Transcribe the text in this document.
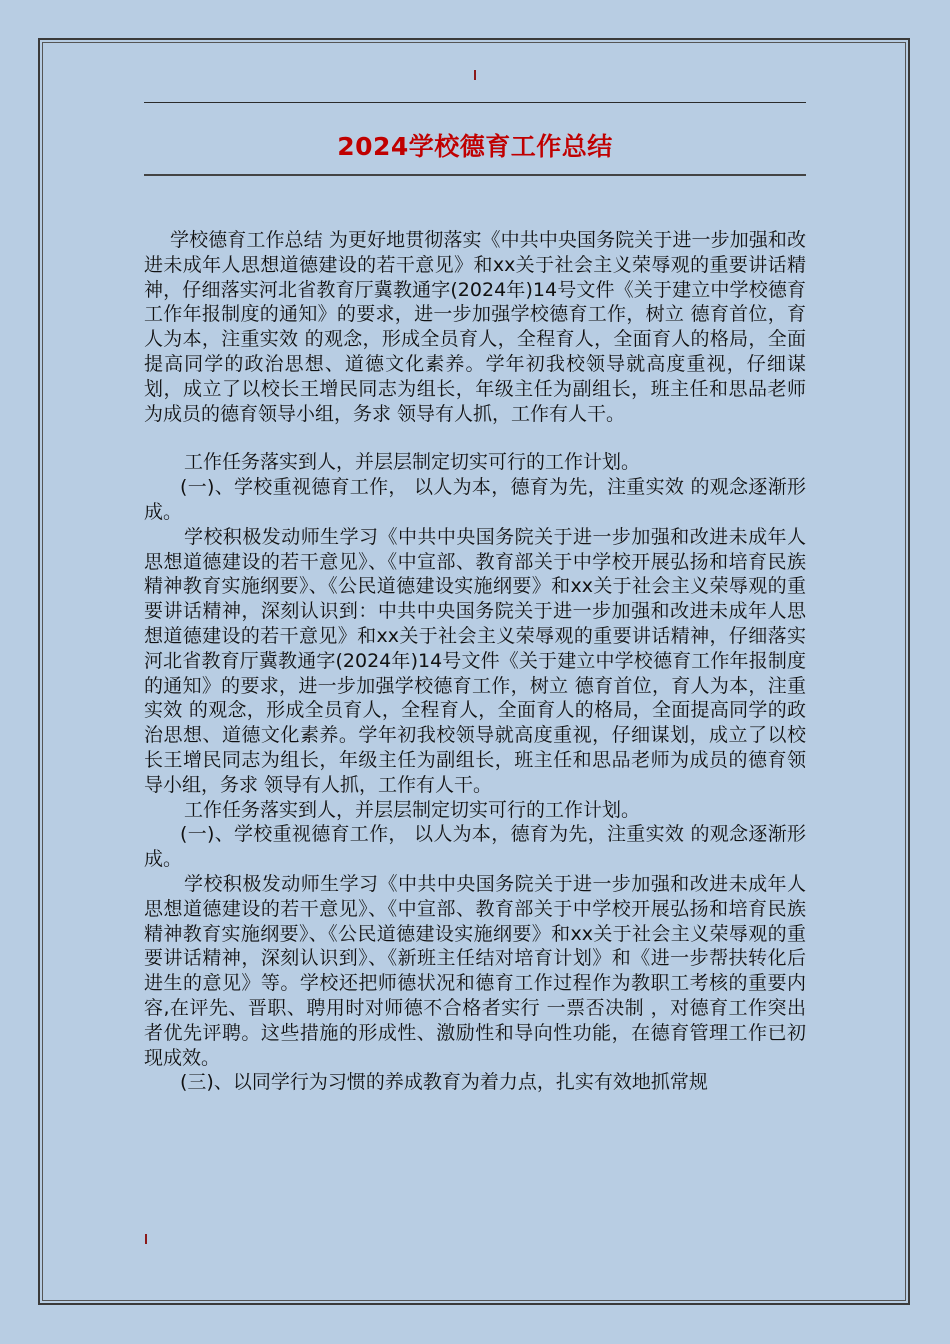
2024学校德育工作总结

学校德育工作总结 为更好地贯彻落实《中共中央国务院关于进一步加强和改进未成年人思想道德建设的若干意见》和xx关于社会主义荣辱观的重要讲话精神，仔细落实河北省教育厅冀教通字(2024年)14号文件《关于建立中学校德育工作年报制度的通知》的要求，进一步加强学校德育工作，树立 德育首位，育人为本，注重实效 的观念，形成全员育人，全程育人，全面育人的格局，全面提高同学的政治思想、道德文化素养。学年初我校领导就高度重视，仔细谋划，成立了以校长王增民同志为组长，年级主任为副组长，班主任和思品老师为成员的德育领导小组，务求 领导有人抓，工作有人干。

工作任务落实到人，并层层制定切实可行的工作计划。

(一)、学校重视德育工作， 以人为本，德育为先，注重实效 的观念逐渐形成。

学校积极发动师生学习《中共中央国务院关于进一步加强和改进未成年人思想道德建设的若干意见》、《中宣部、教育部关于中学校开展弘扬和培育民族精神教育实施纲要》、《公民道德建设实施纲要》和xx关于社会主义荣辱观的重要讲话精神，深刻认识到：中共中央国务院关于进一步加强和改进未成年人思想道德建设的若干意见》和xx关于社会主义荣辱观的重要讲话精神，仔细落实河北省教育厅冀教通字(2024年)14号文件《关于建立中学校德育工作年报制度的通知》的要求，进一步加强学校德育工作，树立 德育首位，育人为本，注重实效 的观念，形成全员育人，全程育人，全面育人的格局，全面提高同学的政治思想、道德文化素养。学年初我校领导就高度重视，仔细谋划，成立了以校长王增民同志为组长，年级主任为副组长，班主任和思品老师为成员的德育领导小组，务求 领导有人抓，工作有人干。

工作任务落实到人，并层层制定切实可行的工作计划。

(一)、学校重视德育工作， 以人为本，德育为先，注重实效 的观念逐渐形成。

学校积极发动师生学习《中共中央国务院关于进一步加强和改进未成年人思想道德建设的若干意见》、《中宣部、教育部关于中学校开展弘扬和培育民族精神教育实施纲要》、《公民道德建设实施纲要》和xx关于社会主义荣辱观的重要讲话精神，深刻认识到》、《新班主任结对培育计划》和《进一步帮扶转化后进生的意见》等。学校还把师德状况和德育工作过程作为教职工考核的重要内容,在评先、晋职、聘用时对师德不合格者实行 一票否决制 ，对德育工作突出者优先评聘。这些措施的形成性、激励性和导向性功能，在德育管理工作已初现成效。

(三)、以同学行为习惯的养成教育为着力点，扎实有效地抓常规
